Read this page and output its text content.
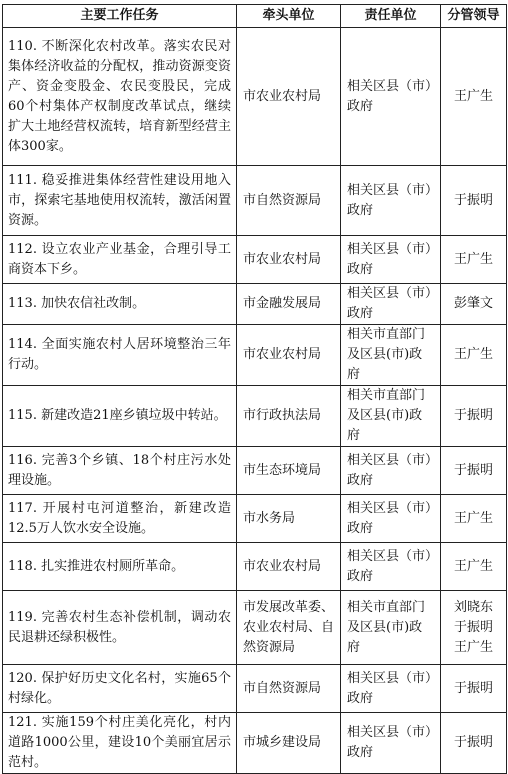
主要工作任务	牵头单位	责任单位	分管领导
110. 不断深化农村改革。落实农民对集体经济收益的分配权，推动资源变资产、资金变股金、农民变股民，完成60个村集体产权制度改革试点，继续扩大土地经营权流转，培育新型经营主体300家。	市农业农村局	相关区县（市）政府	王广生

111. 稳妥推进集体经营性建设用地入市，探索宅基地使用权流转，激活闲置资源。	市自然资源局	相关区县（市）政府	于振明

112. 设立农业产业基金，合理引导工商资本下乡。	市农业农村局	相关区县（市）政府	王广生

113. 加快农信社改制。	市金融发展局	相关区县（市）政府	彭肇文

114. 全面实施农村人居环境整治三年行动。	市农业农村局	相关市直部门及区县(市)政府	王广生

115. 新建改造21座乡镇垃圾中转站。	市行政执法局	相关市直部门及区县(市)政府	于振明

116. 完善3个乡镇、18个村庄污水处理设施。	市生态环境局	相关区县（市）政府	于振明

117. 开展村屯河道整治，新建改造12.5万人饮水安全设施。	市水务局	相关区县（市）政府	王广生

118. 扎实推进农村厕所革命。	市农业农村局	相关区县（市）政府	王广生

119. 完善农村生态补偿机制，调动农民退耕还绿积极性。	市发展改革委、农业农村局、自然资源局	相关市直部门及区县(市)政府	刘晓东
于振明
王广生

120. 保护好历史文化名村，实施65个村绿化。	市自然资源局	相关区县（市）政府	于振明

121. 实施159个村庄美化亮化，村内道路1000公里，建设10个美丽宜居示范村。	市城乡建设局	相关区县（市）政府	于振明
